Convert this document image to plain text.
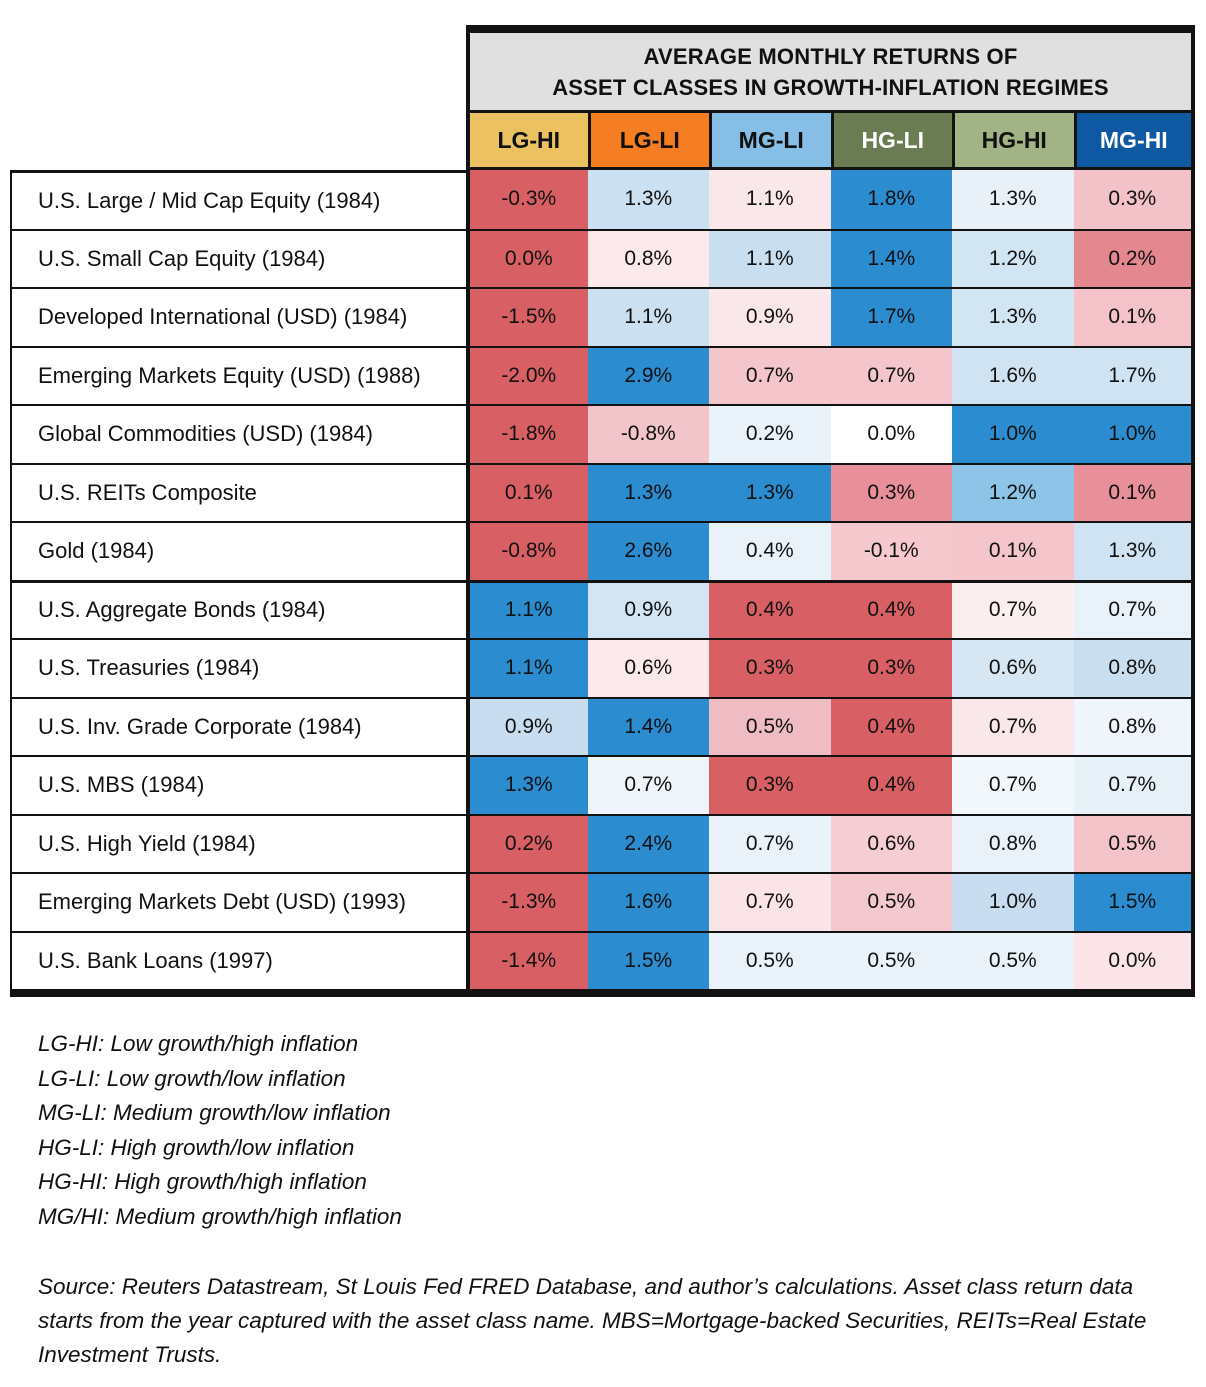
AVERAGE MONTHLY RETURNS OF
ASSET CLASSES IN GROWTH-INFLATION REGIMES
LG-HI	LG-LI	MG-LI	HG-LI	HG-HI	MG-HI
U.S. Large / Mid Cap Equity (1984)	-0.3%	1.3%	1.1%	1.8%	1.3%	0.3%
U.S. Small Cap Equity (1984)	0.0%	0.8%	1.1%	1.4%	1.2%	0.2%
Developed International (USD) (1984)	-1.5%	1.1%	0.9%	1.7%	1.3%	0.1%
Emerging Markets Equity (USD) (1988)	-2.0%	2.9%	0.7%	0.7%	1.6%	1.7%
Global Commodities (USD) (1984)	-1.8%	-0.8%	0.2%	0.0%	1.0%	1.0%
U.S. REITs Composite	0.1%	1.3%	1.3%	0.3%	1.2%	0.1%
Gold (1984)	-0.8%	2.6%	0.4%	-0.1%	0.1%	1.3%
U.S. Aggregate Bonds (1984)	1.1%	0.9%	0.4%	0.4%	0.7%	0.7%
U.S. Treasuries (1984)	1.1%	0.6%	0.3%	0.3%	0.6%	0.8%
U.S. Inv. Grade Corporate (1984)	0.9%	1.4%	0.5%	0.4%	0.7%	0.8%
U.S. MBS (1984)	1.3%	0.7%	0.3%	0.4%	0.7%	0.7%
U.S. High Yield (1984)	0.2%	2.4%	0.7%	0.6%	0.8%	0.5%
Emerging Markets Debt (USD) (1993)	-1.3%	1.6%	0.7%	0.5%	1.0%	1.5%
U.S. Bank Loans (1997)	-1.4%	1.5%	0.5%	0.5%	0.5%	0.0%
LG-HI: Low growth/high inflation
LG-LI: Low growth/low inflation
MG-LI: Medium growth/low inflation
HG-LI: High growth/low inflation
HG-HI: High growth/high inflation
MG/HI: Medium growth/high inflation
Source: Reuters Datastream, St Louis Fed FRED Database, and author’s calculations. Asset class return data starts from the year captured with the asset class name. MBS=Mortgage-backed Securities, REITs=Real Estate Investment Trusts.
